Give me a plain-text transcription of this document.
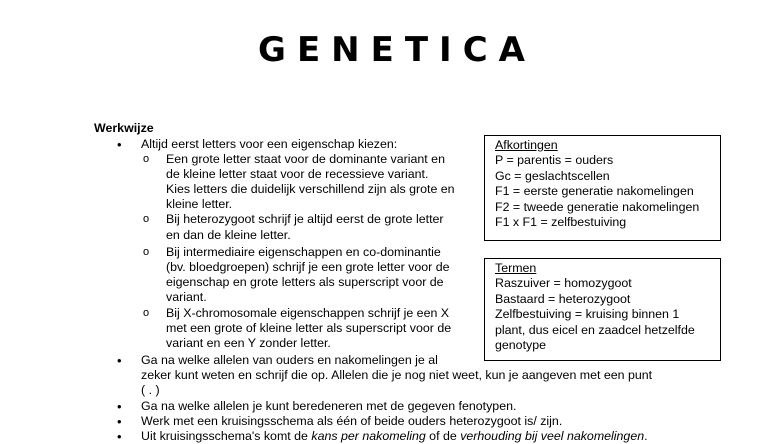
GENETICA
Werkwijze
• Altijd eerst letters voor een eigenschap kiezen:
o Een grote letter staat voor de dominante variant en
de kleine letter staat voor de recessieve variant.
Kies letters die duidelijk verschillend zijn als grote en
kleine letter.
o Bij heterozygoot schrijf je altijd eerst de grote letter
en dan de kleine letter.
o Bij intermediaire eigenschappen en co-dominantie
(bv. bloedgroepen) schrijf je een grote letter voor de
eigenschap en grote letters als superscript voor de
variant.
o Bij X-chromosomale eigenschappen schrijf je een X
met een grote of kleine letter als superscript voor de
variant en een Y zonder letter.
• Ga na welke allelen van ouders en nakomelingen je al
zeker kunt weten en schrijf die op. Allelen die je nog niet weet, kun je aangeven met een punt
( . )
• Ga na welke allelen je kunt beredeneren met de gegeven fenotypen.
• Werk met een kruisingsschema als één of beide ouders heterozygoot is/ zijn.
• Uit kruisingsschema's komt de kans per nakomeling of de verhouding bij veel nakomelingen.
Afkortingen
P = parentis = ouders
Gc = geslachtscellen
F1 = eerste generatie nakomelingen
F2 = tweede generatie nakomelingen
F1 x F1 = zelfbestuiving
Termen
Raszuiver = homozygoot
Bastaard = heterozygoot
Zelfbestuiving = kruising binnen 1
plant, dus eicel en zaadcel hetzelfde
genotype
